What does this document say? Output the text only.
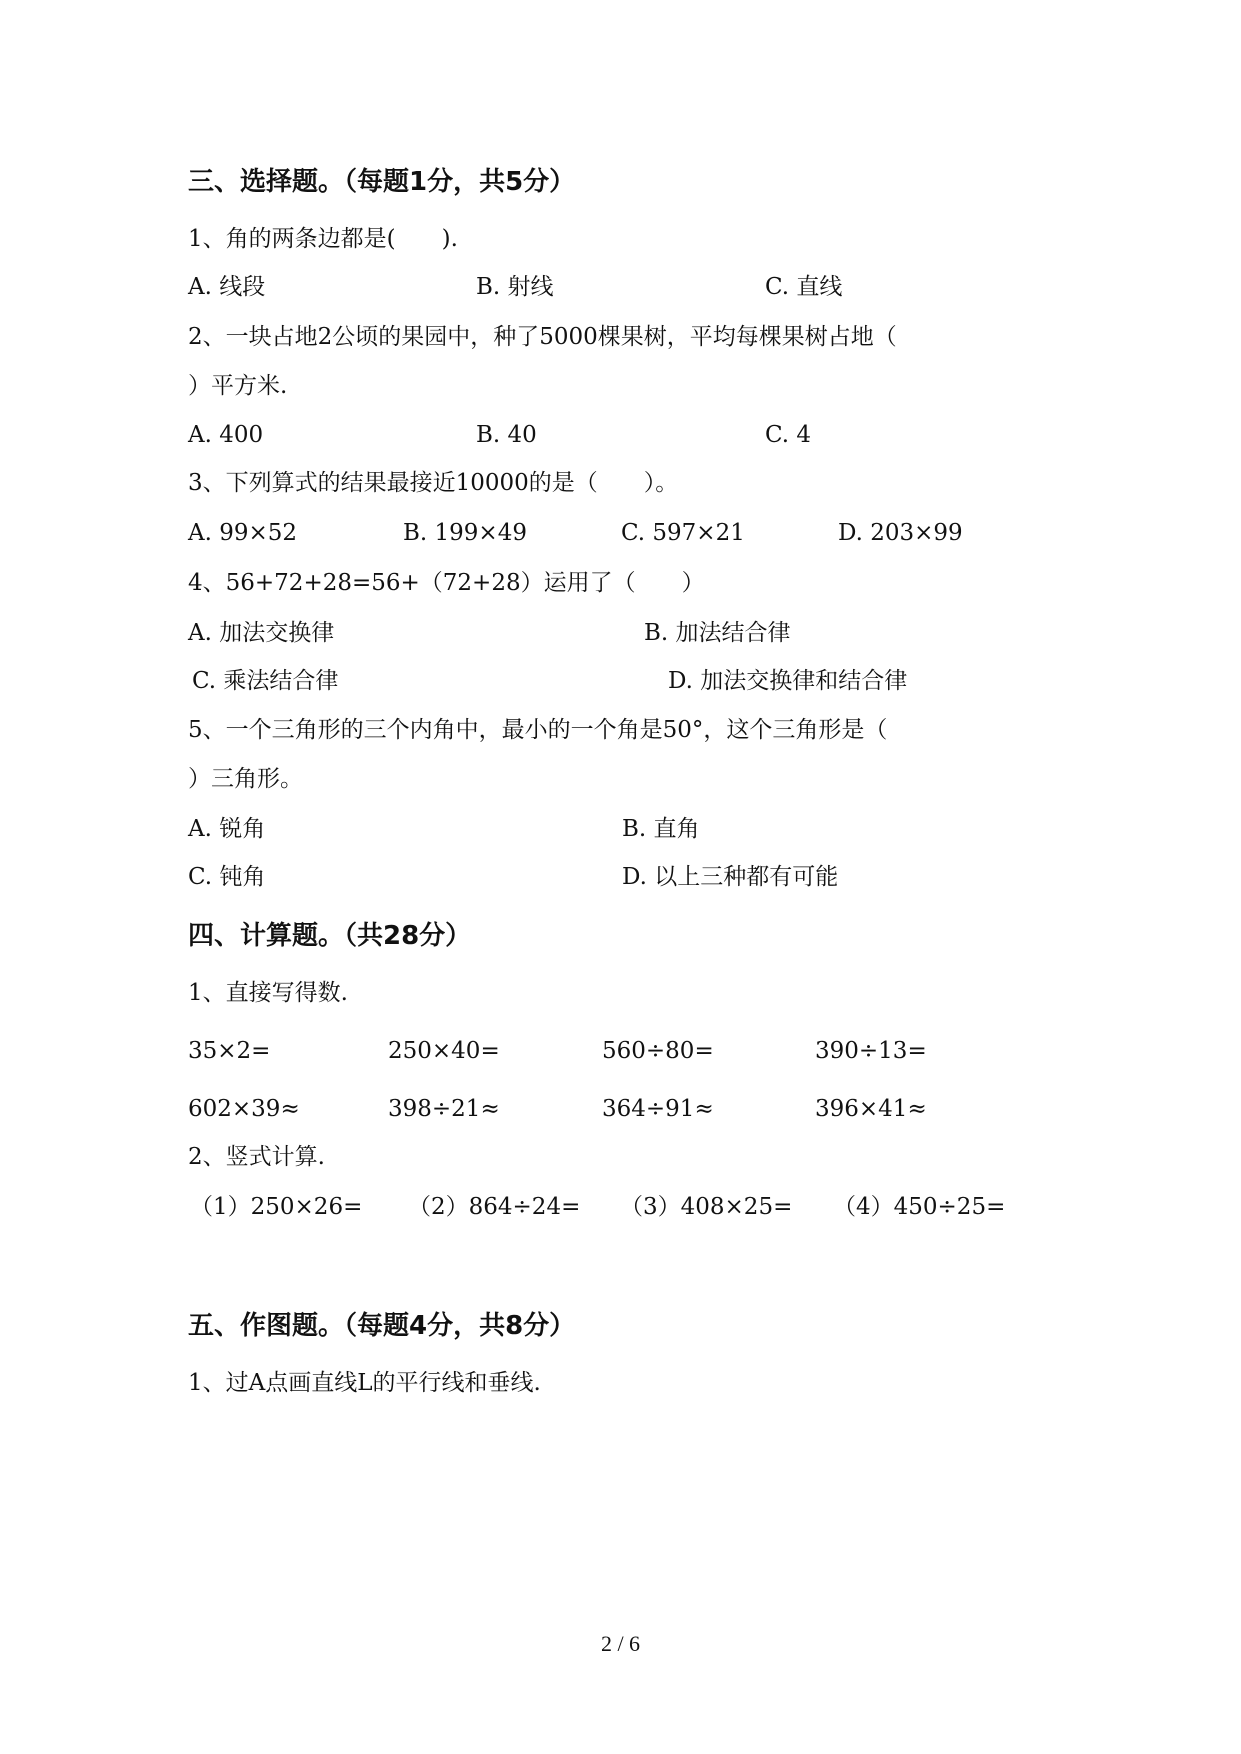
三、选择题。（每题1分，共5分）
1、角的两条边都是(　　).
A. 线段	B. 射线	C. 直线
2、一块占地2公顷的果园中，种了5000棵果树，平均每棵果树占地（
）平方米.
A. 400	B. 40	C. 4
3、下列算式的结果最接近10000的是（　　）。
A. 99×52	B. 199×49	C. 597×21	D. 203×99
4、56+72+28=56+（72+28）运用了（　　）
A. 加法交换律	B. 加法结合律
C. 乘法结合律	D. 加法交换律和结合律
5、一个三角形的三个内角中，最小的一个角是50°，这个三角形是（
）三角形。
A. 锐角	B. 直角
C. 钝角	D. 以上三种都有可能
四、计算题。（共28分）
1、直接写得数.
35×2=	250×40=	560÷80=	390÷13=
602×39≈	398÷21≈	364÷91≈	396×41≈
2、竖式计算.
（1）250×26= （2）864÷24= （3）408×25= （4）450÷25=
五、作图题。（每题4分，共8分）
1、过A点画直线L的平行线和垂线.
2 / 6
